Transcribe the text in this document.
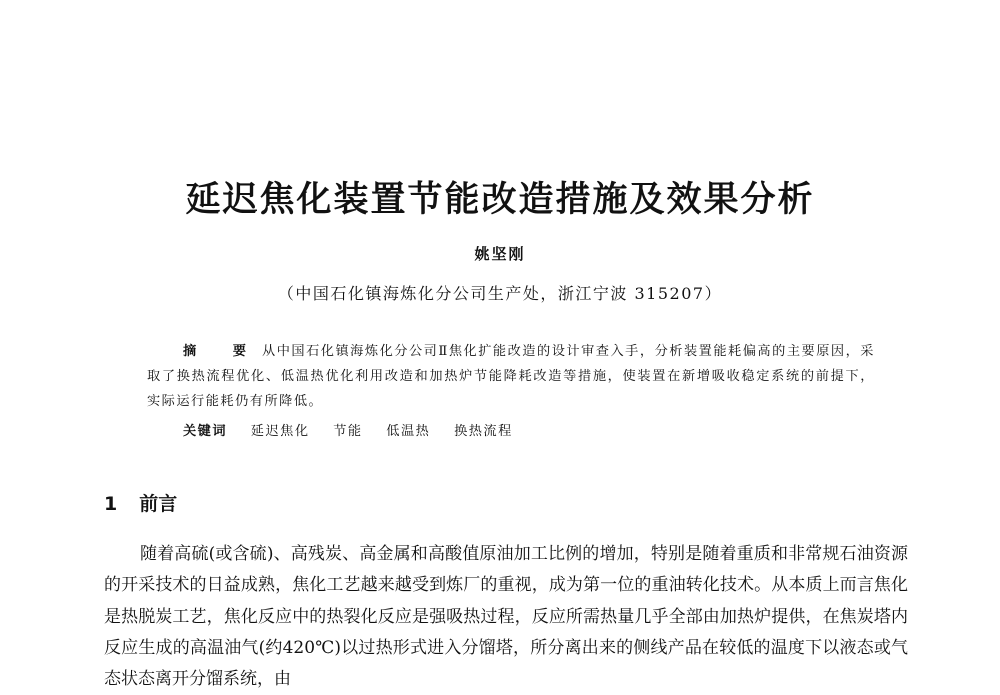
延迟焦化装置节能改造措施及效果分析
姚坚刚
（中国石化镇海炼化分公司生产处，浙江宁波 315207）

摘 要从中国石化镇海炼化分公司Ⅱ焦化扩能改造的设计审查入手，分析装置能耗偏高的主要原因，采取了换热流程优化、低温热优化利用改造和加热炉节能降耗改造等措施，使装置在新增吸收稳定系统的前提下，实际运行能耗仍有所降低。

关键词 延迟焦化 节能 低温热 换热流程
1 前言

随着高硫(或含硫)、高残炭、高金属和高酸值原油加工比例的增加，特别是随着重质和非常规石油资源的开采技术的日益成熟，焦化工艺越来越受到炼厂的重视，成为第一位的重油转化技术。从本质上而言焦化是热脱炭工艺，焦化反应中的热裂化反应是强吸热过程，反应所需热量几乎全部由加热炉提供，在焦炭塔内反应生成的高温油气(约420℃)以过热形式进入分馏塔，所分离出来的侧线产品在较低的温度下以液态或气态状态离开分馏系统，由
